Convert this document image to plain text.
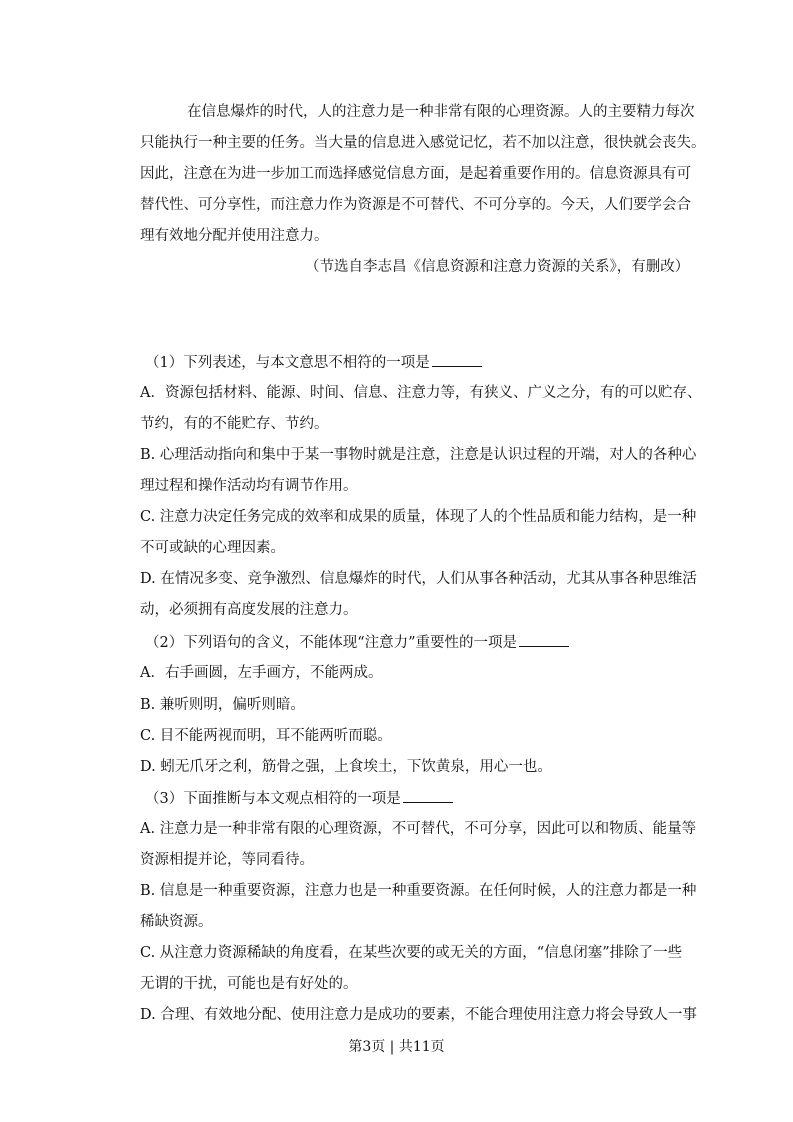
在信息爆炸的时代，人的注意力是一种非常有限的心理资源。人的主要精力每次
只能执行一种主要的任务。当大量的信息进入感觉记忆，若不加以注意，很快就会丧失。
因此，注意在为进一步加工而选择感觉信息方面，是起着重要作用的。信息资源具有可
替代性、可分享性，而注意力作为资源是不可替代、不可分享的。今天，人们要学会合
理有效地分配并使用注意力。
（节选自李志昌《信息资源和注意力资源的关系》，有删改）
（1）下列表述，与本文意思不相符的一项是
A．资源包括材料、能源、时间、信息、注意力等，有狭义、广义之分，有的可以贮存、
节约，有的不能贮存、节约。
B. 心理活动指向和集中于某一事物时就是注意，注意是认识过程的开端，对人的各种心
理过程和操作活动均有调节作用。
C. 注意力决定任务完成的效率和成果的质量，体现了人的个性品质和能力结构，是一种
不可或缺的心理因素。
D. 在情况多变、竞争激烈、信息爆炸的时代，人们从事各种活动，尤其从事各种思维活
动，必须拥有高度发展的注意力。
（2）下列语句的含义，不能体现“注意力”重要性的一项是
A．右手画圆，左手画方，不能两成。
B. 兼听则明，偏听则暗。
C. 目不能两视而明，耳不能两听而聪。
D. 蚓无爪牙之利，筋骨之强，上食埃土，下饮黄泉，用心一也。
（3）下面推断与本文观点相符的一项是
A. 注意力是一种非常有限的心理资源，不可替代，不可分享，因此可以和物质、能量等
资源相提并论，等同看待。
B. 信息是一种重要资源，注意力也是一种重要资源。在任何时候，人的注意力都是一种
稀缺资源。
C. 从注意力资源稀缺的角度看，在某些次要的或无关的方面，“信息闭塞”排除了一些
无谓的干扰，可能也是有好处的。
D. 合理、有效地分配、使用注意力是成功的要素，不能合理使用注意力将会导致人一事
第3页 | 共11页
